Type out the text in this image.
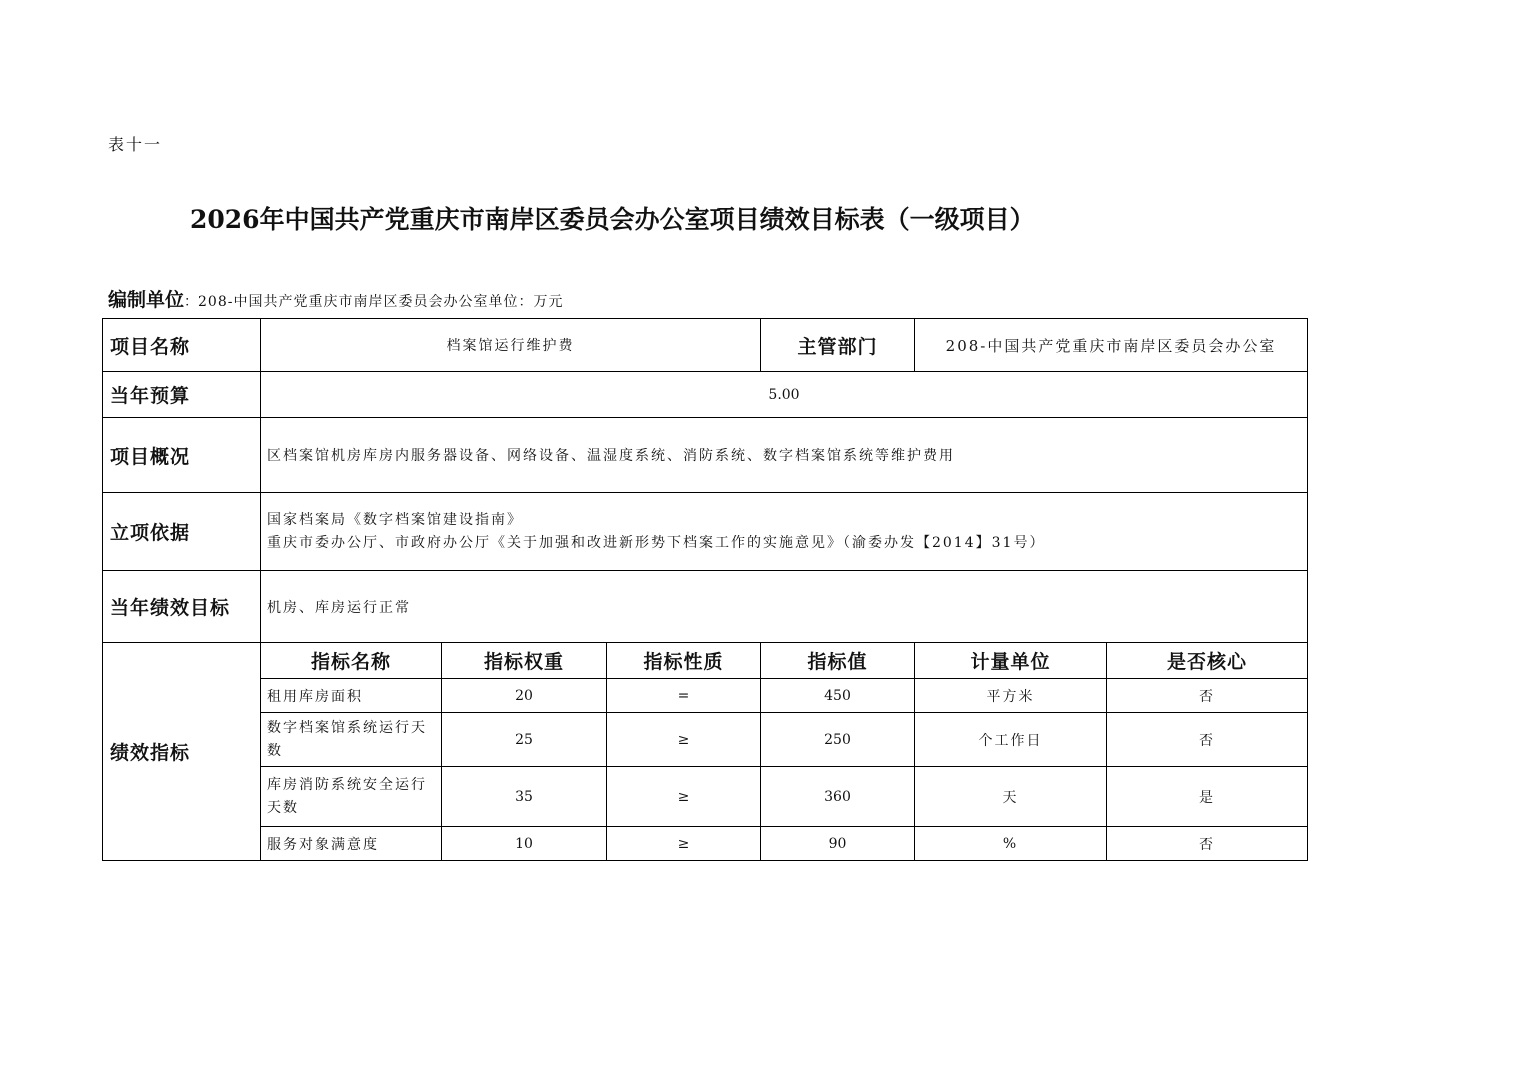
表十一
2026年中国共产党重庆市南岸区委员会办公室项目绩效目标表（一级项目）
编制单位：208-中国共产党重庆市南岸区委员会办公室单位：万元
项目名称	档案馆运行维护费			主管部门	208-中国共产党重庆市南岸区委员会办公室	
当年预算	5.00					
项目概况	区档案馆机房库房内服务器设备、网络设备、温湿度系统、消防系统、数字档案馆系统等维护费用					
立项依据	国家档案局《数字档案馆建设指南》
重庆市委办公厅、市政府办公厅《关于加强和改进新形势下档案工作的实施意见》（渝委办发【2014】31号）					

当年绩效目标	机房、库房运行正常					
绩效指标	指标名称	指标权重	指标性质	指标值	计量单位	是否核心
	租用库房面积	20	=	450	平方米	否
	数字档案馆系统运行天数	25	≥	250	个工作日	否
	库房消防系统安全运行天数	35	≥	360	天	是
	服务对象满意度	10	≥	90	%	否
